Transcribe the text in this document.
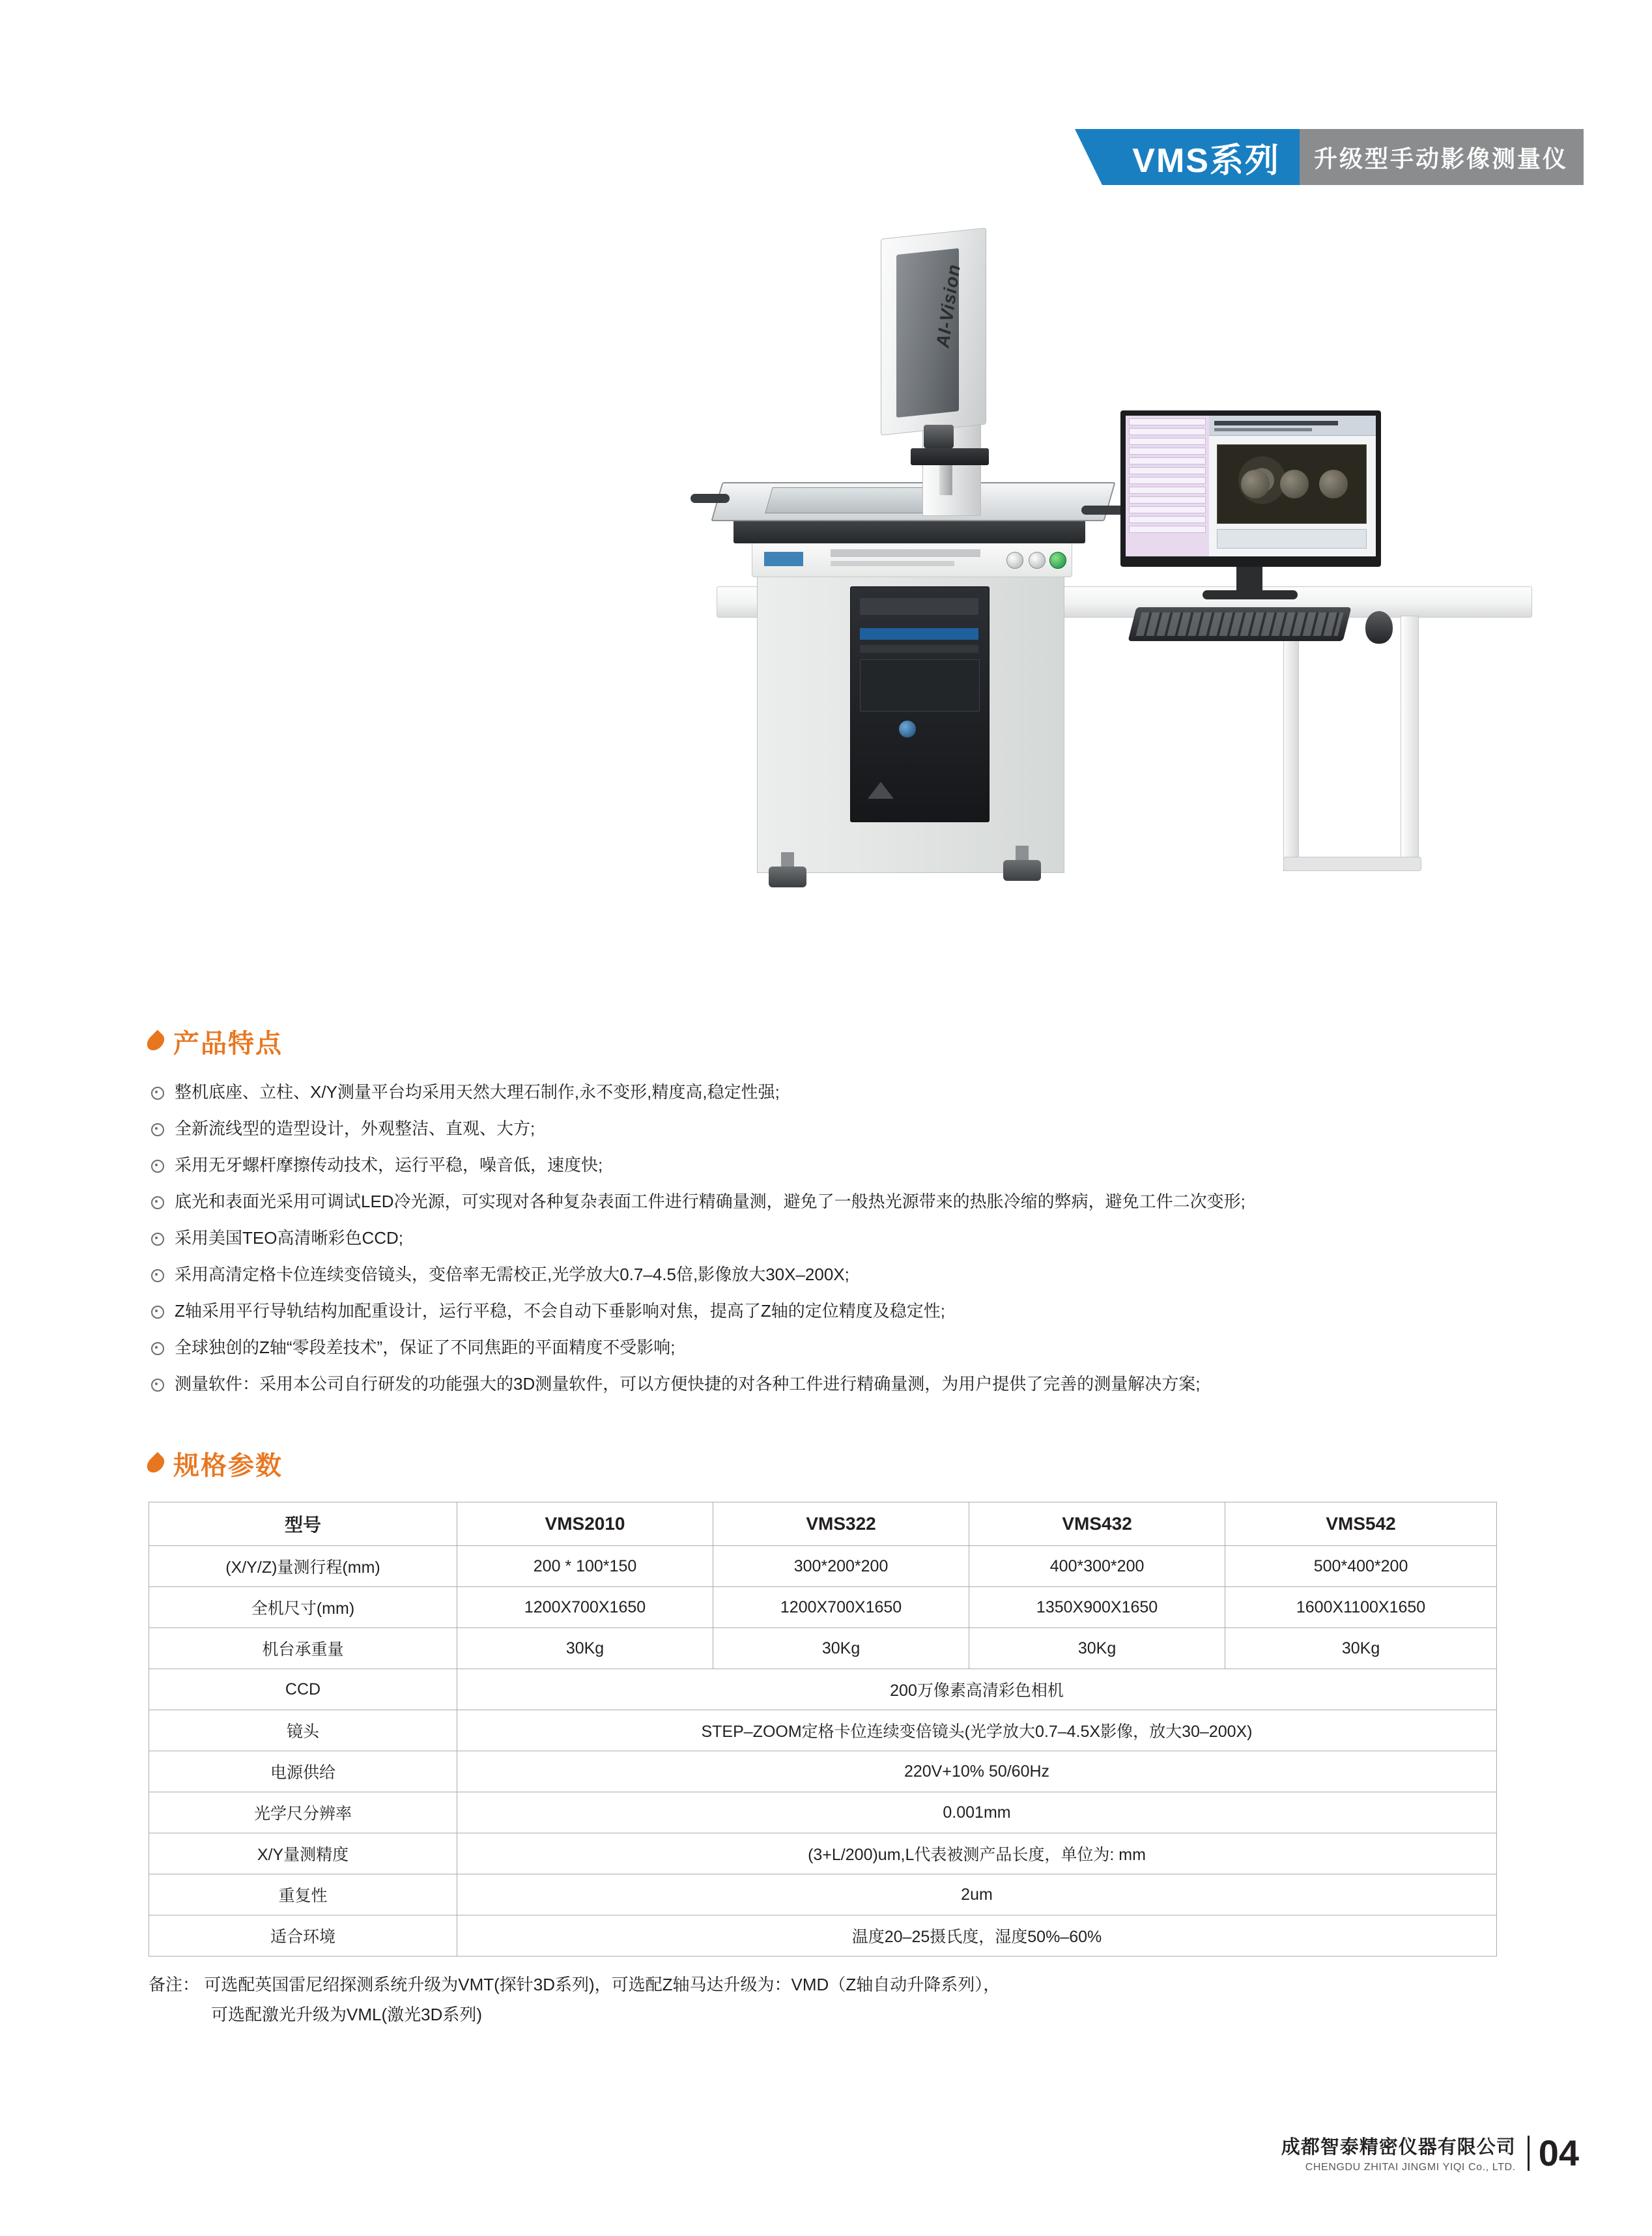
VMS系列	升级型手动影像测量仪
AI-Vision
产品特点
整机底座、立柱、X/Y测量平台均采用天然大理石制作,永不变形,精度高,稳定性强;
全新流线型的造型设计，外观整洁、直观、大方;
采用无牙螺杆摩擦传动技术，运行平稳，噪音低，速度快;
底光和表面光采用可调试LED冷光源，可实现对各种复杂表面工件进行精确量测，避免了一般热光源带来的热胀冷缩的弊病，避免工件二次变形;
采用美国TEO高清晰彩色CCD;
采用高清定格卡位连续变倍镜头，变倍率无需校正,光学放大0.7–4.5倍,影像放大30X–200X;
Z轴采用平行导轨结构加配重设计，运行平稳，不会自动下垂影响对焦，提高了Z轴的定位精度及稳定性;
全球独创的Z轴“零段差技术”，保证了不同焦距的平面精度不受影响;
测量软件：采用本公司自行研发的功能强大的3D测量软件，可以方便快捷的对各种工件进行精确量测，为用户提供了完善的测量解决方案;
规格参数
型号	VMS2010	VMS322	VMS432	VMS542
(X/Y/Z)量测行程(mm)	200 * 100*150	300*200*200	400*300*200	500*400*200
全机尺寸(mm)	1200X700X1650	1200X700X1650	1350X900X1650	1600X1100X1650
机台承重量	30Kg	30Kg	30Kg	30Kg
CCD	200万像素高清彩色相机			
镜头	STEP–ZOOM定格卡位连续变倍镜头(光学放大0.7–4.5X影像，放大30–200X)			
电源供给	220V+10% 50/60Hz			
光学尺分辨率	0.001mm			
X/Y量测精度	(3+L/200)um,L代表被测产品长度，单位为: mm			
重复性	2um			
适合环境	温度20–25摄氏度，湿度50%–60%			
备注： 可选配英国雷尼绍探测系统升级为VMT(探针3D系列)，可选配Z轴马达升级为：VMD（Z轴自动升降系列），
可选配激光升级为VML(激光3D系列)
成都智泰精密仪器有限公司
CHENGDU ZHITAI JINGMI YIQI Co., LTD. 04
